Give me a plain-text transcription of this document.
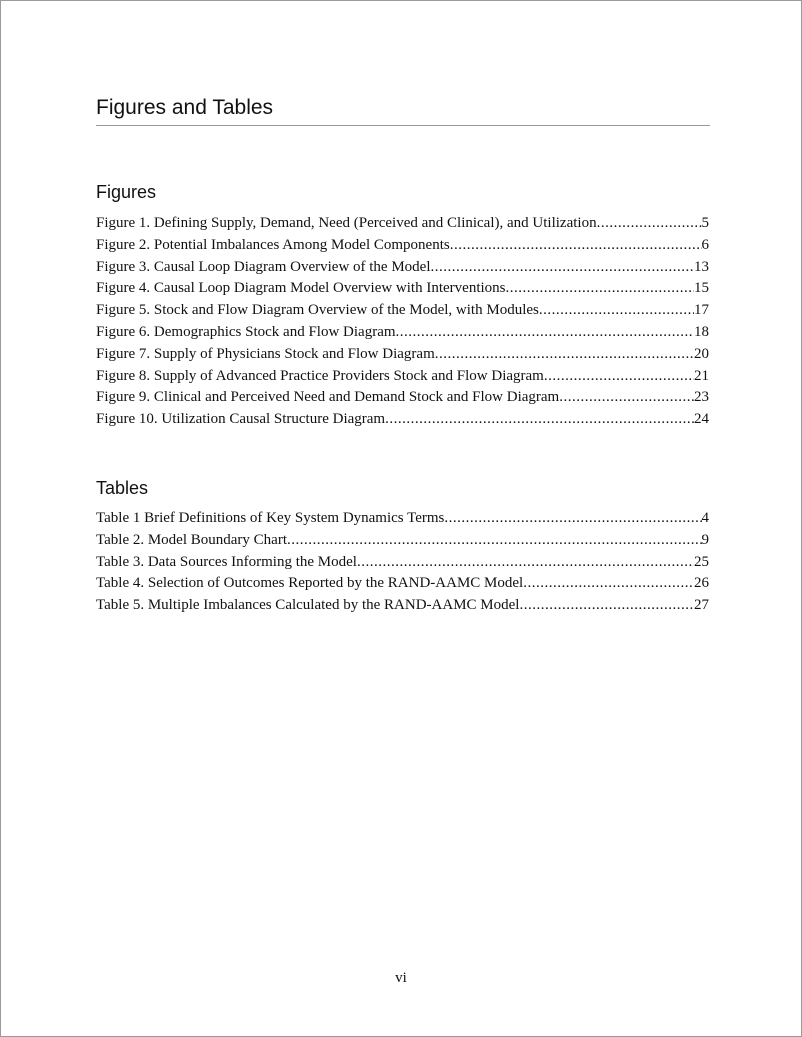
Figures and Tables
Figures
Figure 1. Defining Supply, Demand, Need (Perceived and Clinical), and Utilization .....	5
Figure 2. Potential Imbalances Among Model Components .....	6
Figure 3. Causal Loop Diagram Overview of the Model .....	13
Figure 4. Causal Loop Diagram Model Overview with Interventions .....	15
Figure 5. Stock and Flow Diagram Overview of the Model, with Modules .....	17
Figure 6. Demographics Stock and Flow Diagram .....	18
Figure 7. Supply of Physicians Stock and Flow Diagram .....	20
Figure 8. Supply of Advanced Practice Providers Stock and Flow Diagram .....	21
Figure 9. Clinical and Perceived Need and Demand Stock and Flow Diagram .....	23
Figure 10. Utilization Causal Structure Diagram .....	24
Tables
Table 1 Brief Definitions of Key System Dynamics Terms .....	4
Table 2. Model Boundary Chart .....	9
Table 3. Data Sources Informing the Model .....	25
Table 4. Selection of Outcomes Reported by the RAND-AAMC Model .....	26
Table 5. Multiple Imbalances Calculated by the RAND-AAMC Model .....	27
vi
